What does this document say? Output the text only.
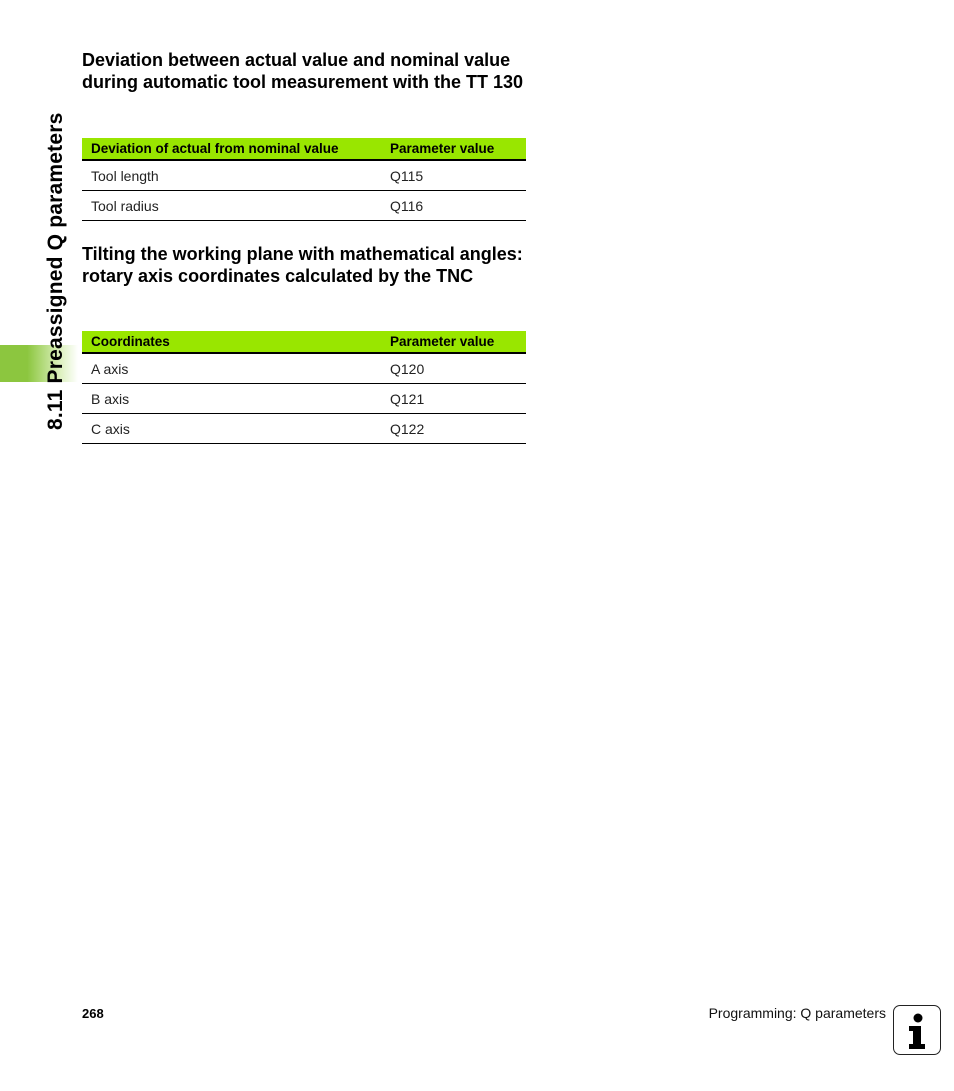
8.11 Preassigned Q parameters
Deviation between actual value and nominal value during automatic tool measurement with the TT 130
Deviation of actual from nominal value	Parameter value
Tool length	Q115
Tool radius	Q116
Tilting the working plane with mathematical angles: rotary axis coordinates calculated by the TNC
Coordinates	Parameter value
A axis	Q120
B axis	Q121
C axis	Q122
268	Programming: Q parameters
